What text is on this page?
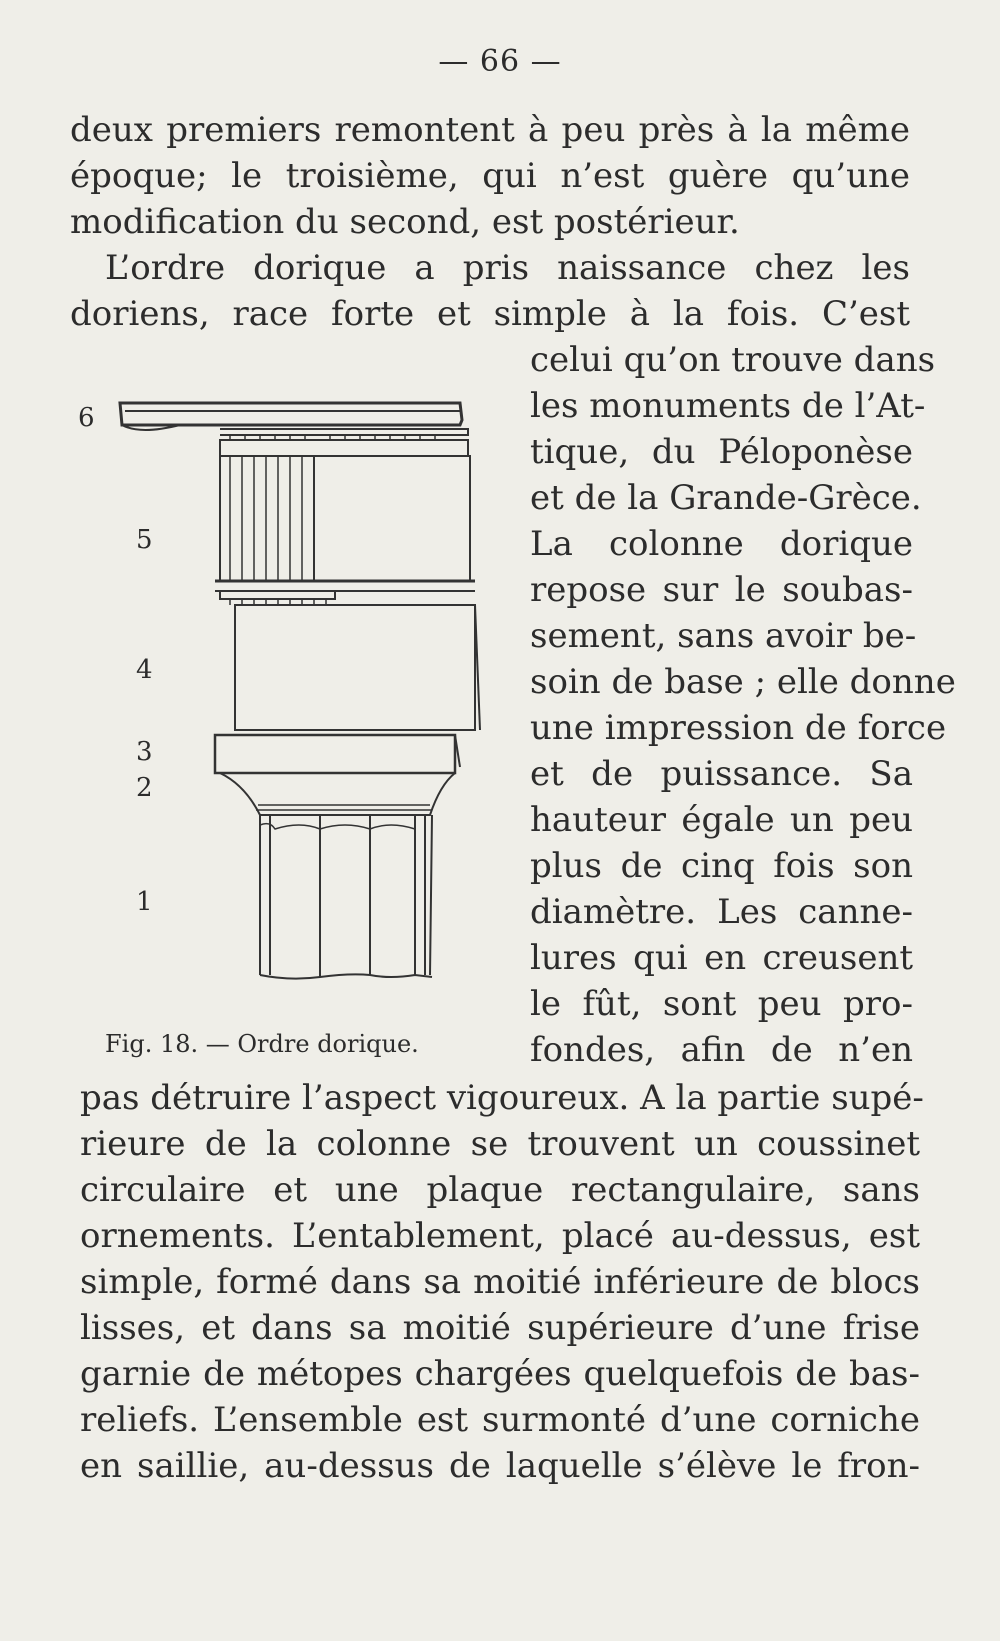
— 66 —
deux premiers remontent à peu près à la même
époque; le troisième, qui n’est guère qu’une
modification du second, est postérieur.
L’ordre dorique a pris naissance chez les
doriens, race forte et simple à la fois. C’est
celui qu’on trouve dans
les monuments de l’At-
tique, du Péloponèse
et de la Grande-Grèce.
La colonne dorique
repose sur le soubas-
sement, sans avoir be-
soin de base ; elle donne
une impression de force
et de puissance. Sa
hauteur égale un peu
plus de cinq fois son
diamètre. Les canne-
lures qui en creusent
le fût, sont peu pro-
fondes, afin de n’en
pas détruire l’aspect vigoureux. A la partie supé-
rieure de la colonne se trouvent un coussinet
circulaire et une plaque rectangulaire, sans
ornements. L’entablement, placé au-dessus, est
simple, formé dans sa moitié inférieure de blocs
lisses, et dans sa moitié supérieure d’une frise
garnie de métopes chargées quelquefois de bas-
reliefs. L’ensemble est surmonté d’une corniche
en saillie, au-dessus de laquelle s’élève le fron-
6
5
4
3
2
1
Fig. 18. — Ordre dorique.
